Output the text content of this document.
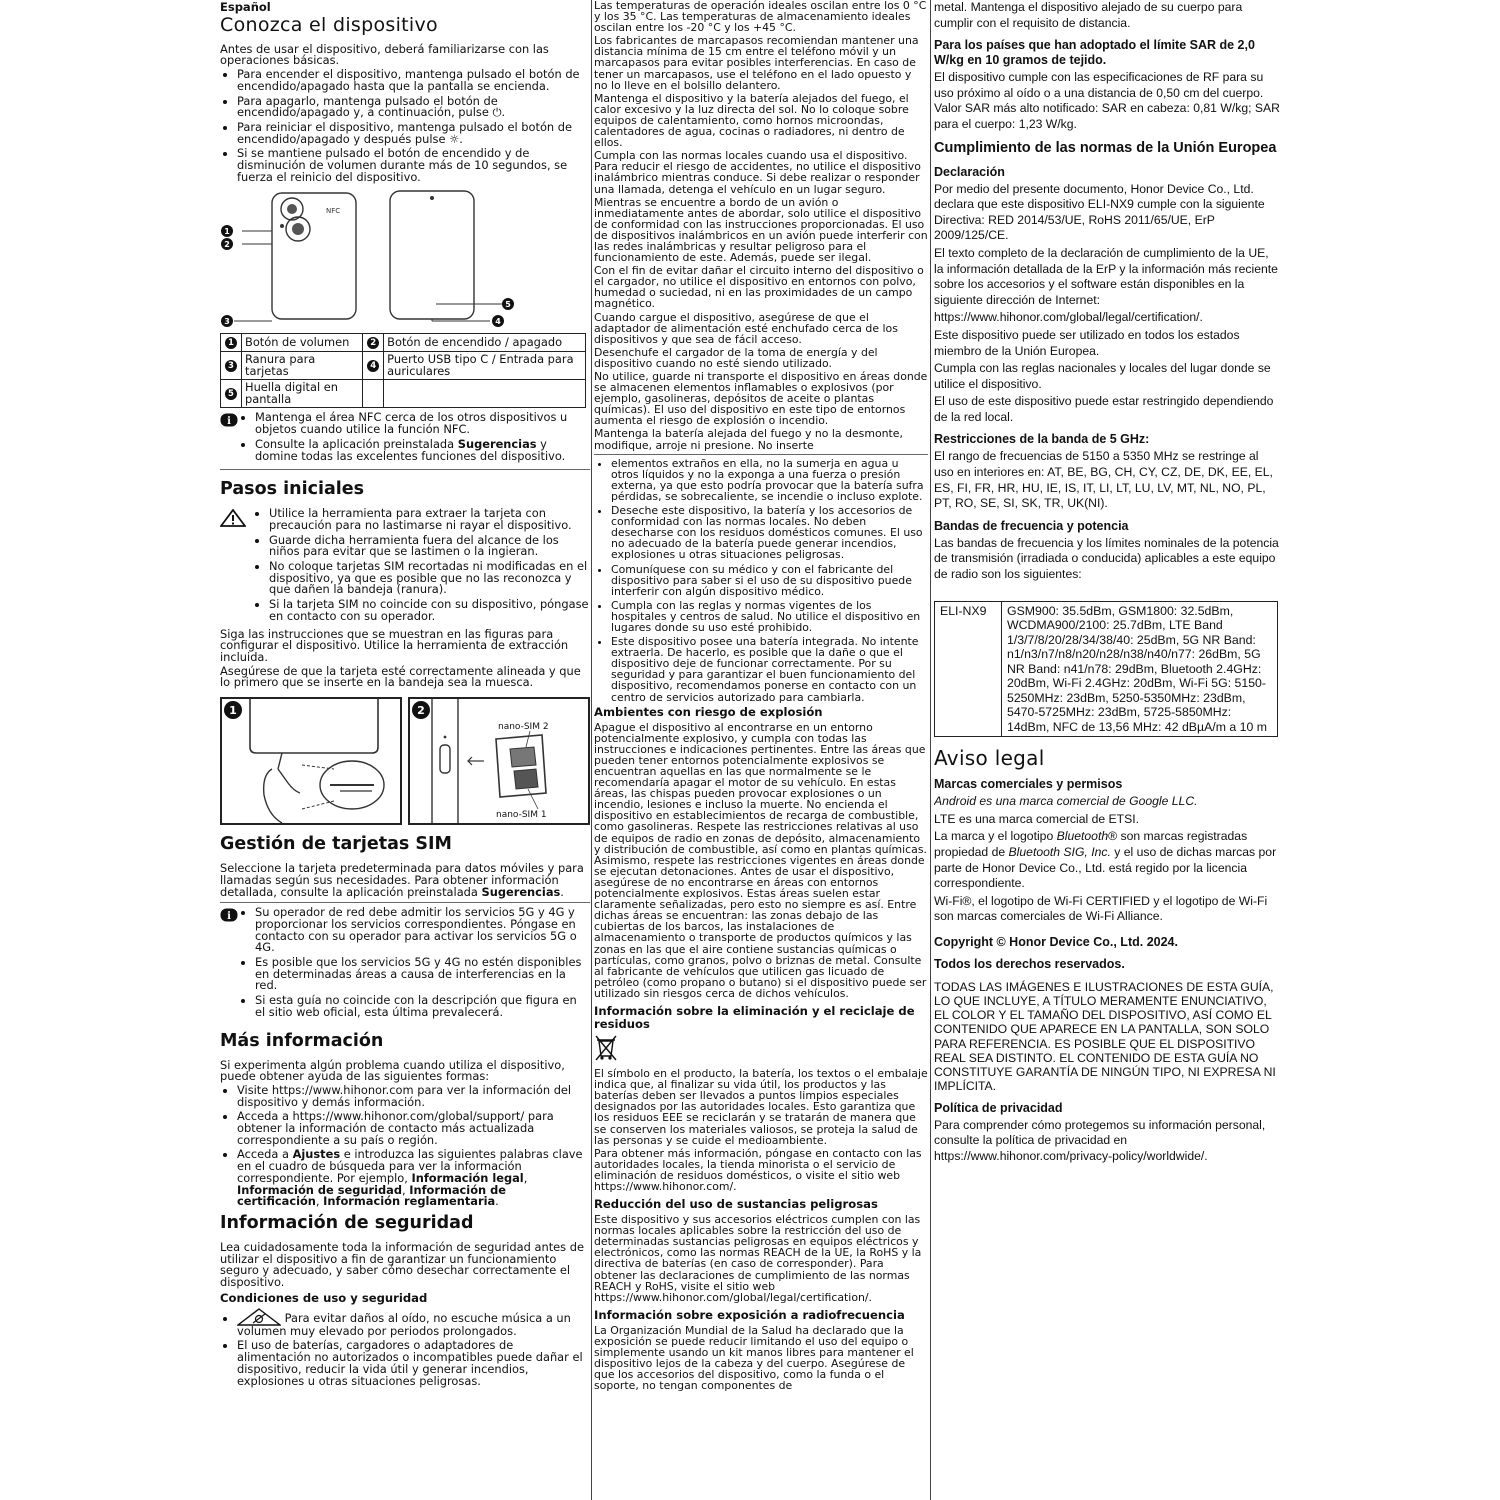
Español
Conozca el dispositivo

Antes de usar el dispositivo, deberá familiarizarse con las operaciones básicas.

• Para encender el dispositivo, mantenga pulsado el botón de encendido/apagado hasta que la pantalla se encienda.
• Para apagarlo, mantenga pulsado el botón de encendido/apagado y, a continuación, pulse ⏻.
• Para reiniciar el dispositivo, mantenga pulsado el botón de encendido/apagado y después pulse ☼.
• Si se mantiene pulsado el botón de encendido y de disminución de volumen durante más de 10 segundos, se fuerza el reinicio del dispositivo.
NFC
1
2
3	4
5
1	Botón de volumen	2	Botón de encendido / apagado
3	Ranura para tarjetas	4	Puerto USB tipo C / Entrada para auriculares
5	Huella digital en pantalla		
i • Mantenga el área NFC cerca de los otros dispositivos u objetos cuando utilice la función NFC.
• Consulte la aplicación preinstalada Sugerencias y domine todas las excelentes funciones del dispositivo.
Pasos iniciales
• Utilice la herramienta para extraer la tarjeta con precaución para no lastimarse ni rayar el dispositivo.
• Guarde dicha herramienta fuera del alcance de los niños para evitar que se lastimen o la ingieran.
• No coloque tarjetas SIM recortadas ni modificadas en el dispositivo, ya que es posible que no las reconozca y que dañen la bandeja (ranura).
• Si la tarjeta SIM no coincide con su dispositivo, póngase en contacto con su operador.

Siga las instrucciones que se muestran en las figuras para configurar el dispositivo. Utilice la herramienta de extracción incluida.

Asegúrese de que la tarjeta esté correctamente alineada y que lo primero que se inserte en la bandeja sea la muesca.

1	2
nano-SIM 2
nano-SIM 1
Gestión de tarjetas SIM

Seleccione la tarjeta predeterminada para datos móviles y para llamadas según sus necesidades. Para obtener información detallada, consulte la aplicación preinstalada Sugerencias.

i • Su operador de red debe admitir los servicios 5G y 4G y proporcionar los servicios correspondientes. Póngase en contacto con su operador para activar los servicios 5G o 4G.
• Es posible que los servicios 5G y 4G no estén disponibles en determinadas áreas a causa de interferencias en la red.
• Si esta guía no coincide con la descripción que figura en el sitio web oficial, esta última prevalecerá.
Más información

Si experimenta algún problema cuando utiliza el dispositivo, puede obtener ayuda de las siguientes formas:

• Visite https://www.hihonor.com para ver la información del dispositivo y demás información.
• Acceda a https://www.hihonor.com/global/support/ para obtener la información de contacto más actualizada correspondiente a su país o región.
• Acceda a Ajustes e introduzca las siguientes palabras clave en el cuadro de búsqueda para ver la información correspondiente. Por ejemplo, Información legal, Información de seguridad, Información de certificación, Información reglamentaria.
Información de seguridad

Lea cuidadosamente toda la información de seguridad antes de utilizar el dispositivo a fin de garantizar un funcionamiento seguro y adecuado, y saber cómo desechar correctamente el dispositivo.

Condiciones de uso y seguridad
• Para evitar daños al oído, no escuche música a un volumen muy elevado por periodos prolongados.
• El uso de baterías, cargadores o adaptadores de alimentación no autorizados o incompatibles puede dañar el dispositivo, reducir la vida útil y generar incendios, explosiones u otras situaciones peligrosas.

Las temperaturas de operación ideales oscilan entre los 0 °C y los 35 °C. Las temperaturas de almacenamiento ideales oscilan entre los -20 °C y los +45 °C.

Los fabricantes de marcapasos recomiendan mantener una distancia mínima de 15 cm entre el teléfono móvil y un marcapasos para evitar posibles interferencias. En caso de tener un marcapasos, use el teléfono en el lado opuesto y no lo lleve en el bolsillo delantero.

Mantenga el dispositivo y la batería alejados del fuego, el calor excesivo y la luz directa del sol. No lo coloque sobre equipos de calentamiento, como hornos microondas, calentadores de agua, cocinas o radiadores, ni dentro de ellos.

Cumpla con las normas locales cuando usa el dispositivo. Para reducir el riesgo de accidentes, no utilice el dispositivo inalámbrico mientras conduce. Si debe realizar o responder una llamada, detenga el vehículo en un lugar seguro.

Mientras se encuentre a bordo de un avión o inmediatamente antes de abordar, solo utilice el dispositivo de conformidad con las instrucciones proporcionadas. El uso de dispositivos inalámbricos en un avión puede interferir con las redes inalámbricas y resultar peligroso para el funcionamiento de este. Además, puede ser ilegal.

Con el fin de evitar dañar el circuito interno del dispositivo o el cargador, no utilice el dispositivo en entornos con polvo, humedad o suciedad, ni en las proximidades de un campo magnético.

Cuando cargue el dispositivo, asegúrese de que el adaptador de alimentación esté enchufado cerca de los dispositivos y que sea de fácil acceso.

Desenchufe el cargador de la toma de energía y del dispositivo cuando no esté siendo utilizado.

No utilice, guarde ni transporte el dispositivo en áreas donde se almacenen elementos inflamables o explosivos (por ejemplo, gasolineras, depósitos de aceite o plantas químicas). El uso del dispositivo en este tipo de entornos aumenta el riesgo de explosión o incendio.

Mantenga la batería alejada del fuego y no la desmonte, modifique, arroje ni presione. No inserte

• elementos extraños en ella, no la sumerja en agua u otros líquidos y no la exponga a una fuerza o presión externa, ya que esto podría provocar que la batería sufra pérdidas, se sobrecaliente, se incendie o incluso explote.
• Deseche este dispositivo, la batería y los accesorios de conformidad con las normas locales. No deben desecharse con los residuos domésticos comunes. El uso no adecuado de la batería puede generar incendios, explosiones u otras situaciones peligrosas.
• Comuníquese con su médico y con el fabricante del dispositivo para saber si el uso de su dispositivo puede interferir con algún dispositivo médico.
• Cumpla con las reglas y normas vigentes de los hospitales y centros de salud. No utilice el dispositivo en lugares donde su uso esté prohibido.
• Este dispositivo posee una batería integrada. No intente extraerla. De hacerlo, es posible que la dañe o que el dispositivo deje de funcionar correctamente. Por su seguridad y para garantizar el buen funcionamiento del dispositivo, recomendamos ponerse en contacto con un centro de servicios autorizado para cambiarla.
Ambientes con riesgo de explosión

Apague el dispositivo al encontrarse en un entorno potencialmente explosivo, y cumpla con todas las instrucciones e indicaciones pertinentes. Entre las áreas que pueden tener entornos potencialmente explosivos se encuentran aquellas en las que normalmente se le recomendaría apagar el motor de su vehículo. En estas áreas, las chispas pueden provocar explosiones o un incendio, lesiones e incluso la muerte. No encienda el dispositivo en establecimientos de recarga de combustible, como gasolineras. Respete las restricciones relativas al uso de equipos de radio en zonas de depósito, almacenamiento y distribución de combustible, así como en plantas químicas. Asimismo, respete las restricciones vigentes en áreas donde se ejecutan detonaciones. Antes de usar el dispositivo, asegúrese de no encontrarse en áreas con entornos potencialmente explosivos. Estas áreas suelen estar claramente señalizadas, pero esto no siempre es así. Entre dichas áreas se encuentran: las zonas debajo de las cubiertas de los barcos, las instalaciones de almacenamiento o transporte de productos químicos y las zonas en las que el aire contiene sustancias químicas o partículas, como granos, polvo o briznas de metal. Consulte al fabricante de vehículos que utilicen gas licuado de petróleo (como propano o butano) si el dispositivo puede ser utilizado sin riesgos cerca de dichos vehículos.

Información sobre la eliminación y el reciclaje de residuos

El símbolo en el producto, la batería, los textos o el embalaje indica que, al finalizar su vida útil, los productos y las baterías deben ser llevados a puntos limpios especiales designados por las autoridades locales. Esto garantiza que los residuos EEE se reciclarán y se tratarán de manera que se conserven los materiales valiosos, se proteja la salud de las personas y se cuide el medioambiente.

Para obtener más información, póngase en contacto con las autoridades locales, la tienda minorista o el servicio de eliminación de residuos domésticos, o visite el sitio web https://www.hihonor.com/.

Reducción del uso de sustancias peligrosas

Este dispositivo y sus accesorios eléctricos cumplen con las normas locales aplicables sobre la restricción del uso de determinadas sustancias peligrosas en equipos eléctricos y electrónicos, como las normas REACH de la UE, la RoHS y la directiva de baterías (en caso de corresponder). Para obtener las declaraciones de cumplimiento de las normas REACH y RoHS, visite el sitio web https://www.hihonor.com/global/legal/certification/.

Información sobre exposición a radiofrecuencia

La Organización Mundial de la Salud ha declarado que la exposición se puede reducir limitando el uso del equipo o simplemente usando un kit manos libres para mantener el dispositivo lejos de la cabeza y del cuerpo. Asegúrese de que los accesorios del dispositivo, como la funda o el soporte, no tengan componentes de

metal. Mantenga el dispositivo alejado de su cuerpo para cumplir con el requisito de distancia.

Para los países que han adoptado el límite SAR de 2,0 W/kg en 10 gramos de tejido.

El dispositivo cumple con las especificaciones de RF para su uso próximo al oído o a una distancia de 0,50 cm del cuerpo. Valor SAR más alto notificado: SAR en cabeza: 0,81 W/kg; SAR para el cuerpo: 1,23 W/kg.

Cumplimiento de las normas de la Unión Europea
Declaración

Por medio del presente documento, Honor Device Co., Ltd. declara que este dispositivo ELI-NX9 cumple con la siguiente Directiva: RED 2014/53/UE, RoHS 2011/65/UE, ErP 2009/125/CE.

El texto completo de la declaración de cumplimiento de la UE, la información detallada de la ErP y la información más reciente sobre los accesorios y el software están disponibles en la siguiente dirección de Internet:

https://www.hihonor.com/global/legal/certification/.

Este dispositivo puede ser utilizado en todos los estados miembro de la Unión Europea.

Cumpla con las reglas nacionales y locales del lugar donde se utilice el dispositivo.

El uso de este dispositivo puede estar restringido dependiendo de la red local.

Restricciones de la banda de 5 GHz:

El rango de frecuencias de 5150 a 5350 MHz se restringe al uso en interiores en: AT, BE, BG, CH, CY, CZ, DE, DK, EE, EL, ES, FI, FR, HR, HU, IE, IS, IT, LI, LT, LU, LV, MT, NL, NO, PL, PT, RO, SE, SI, SK, TR, UK(NI).

Bandas de frecuencia y potencia

Las bandas de frecuencia y los límites nominales de la potencia de transmisión (irradiada o conducida) aplicables a este equipo de radio son los siguientes:

ELI-NX9	GSM900: 35.5dBm, GSM1800: 32.5dBm, WCDMA900/2100: 25.7dBm, LTE Band 1/3/7/8/20/28/34/38/40: 25dBm, 5G NR Band: n1/n3/n7/n8/n20/n28/n38/n40/n77: 26dBm, 5G NR Band: n41/n78: 29dBm, Bluetooth 2.4GHz: 20dBm, Wi-Fi 2.4GHz: 20dBm, Wi-Fi 5G: 5150-5250MHz: 23dBm, 5250-5350MHz: 23dBm, 5470-5725MHz: 23dBm, 5725-5850MHz: 14dBm, NFC de 13,56 MHz: 42 dBµA/m a 10 m
Aviso legal
Marcas comerciales y permisos

Android es una marca comercial de Google LLC.

LTE es una marca comercial de ETSI.

La marca y el logotipo Bluetooth® son marcas registradas propiedad de Bluetooth SIG, Inc. y el uso de dichas marcas por parte de Honor Device Co., Ltd. está regido por la licencia correspondiente.

Wi-Fi®, el logotipo de Wi-Fi CERTIFIED y el logotipo de Wi-Fi son marcas comerciales de Wi-Fi Alliance.

Copyright © Honor Device Co., Ltd. 2024.
Todos los derechos reservados.

TODAS LAS IMÁGENES E ILUSTRACIONES DE ESTA GUÍA, LO QUE INCLUYE, A TÍTULO MERAMENTE ENUNCIATIVO, EL COLOR Y EL TAMAÑO DEL DISPOSITIVO, ASÍ COMO EL CONTENIDO QUE APARECE EN LA PANTALLA, SON SOLO PARA REFERENCIA. ES POSIBLE QUE EL DISPOSITIVO REAL SEA DISTINTO. EL CONTENIDO DE ESTA GUÍA NO CONSTITUYE GARANTÍA DE NINGÚN TIPO, NI EXPRESA NI IMPLÍCITA.

Política de privacidad

Para comprender cómo protegemos su información personal, consulte la política de privacidad en https://www.hihonor.com/privacy-policy/worldwide/.
